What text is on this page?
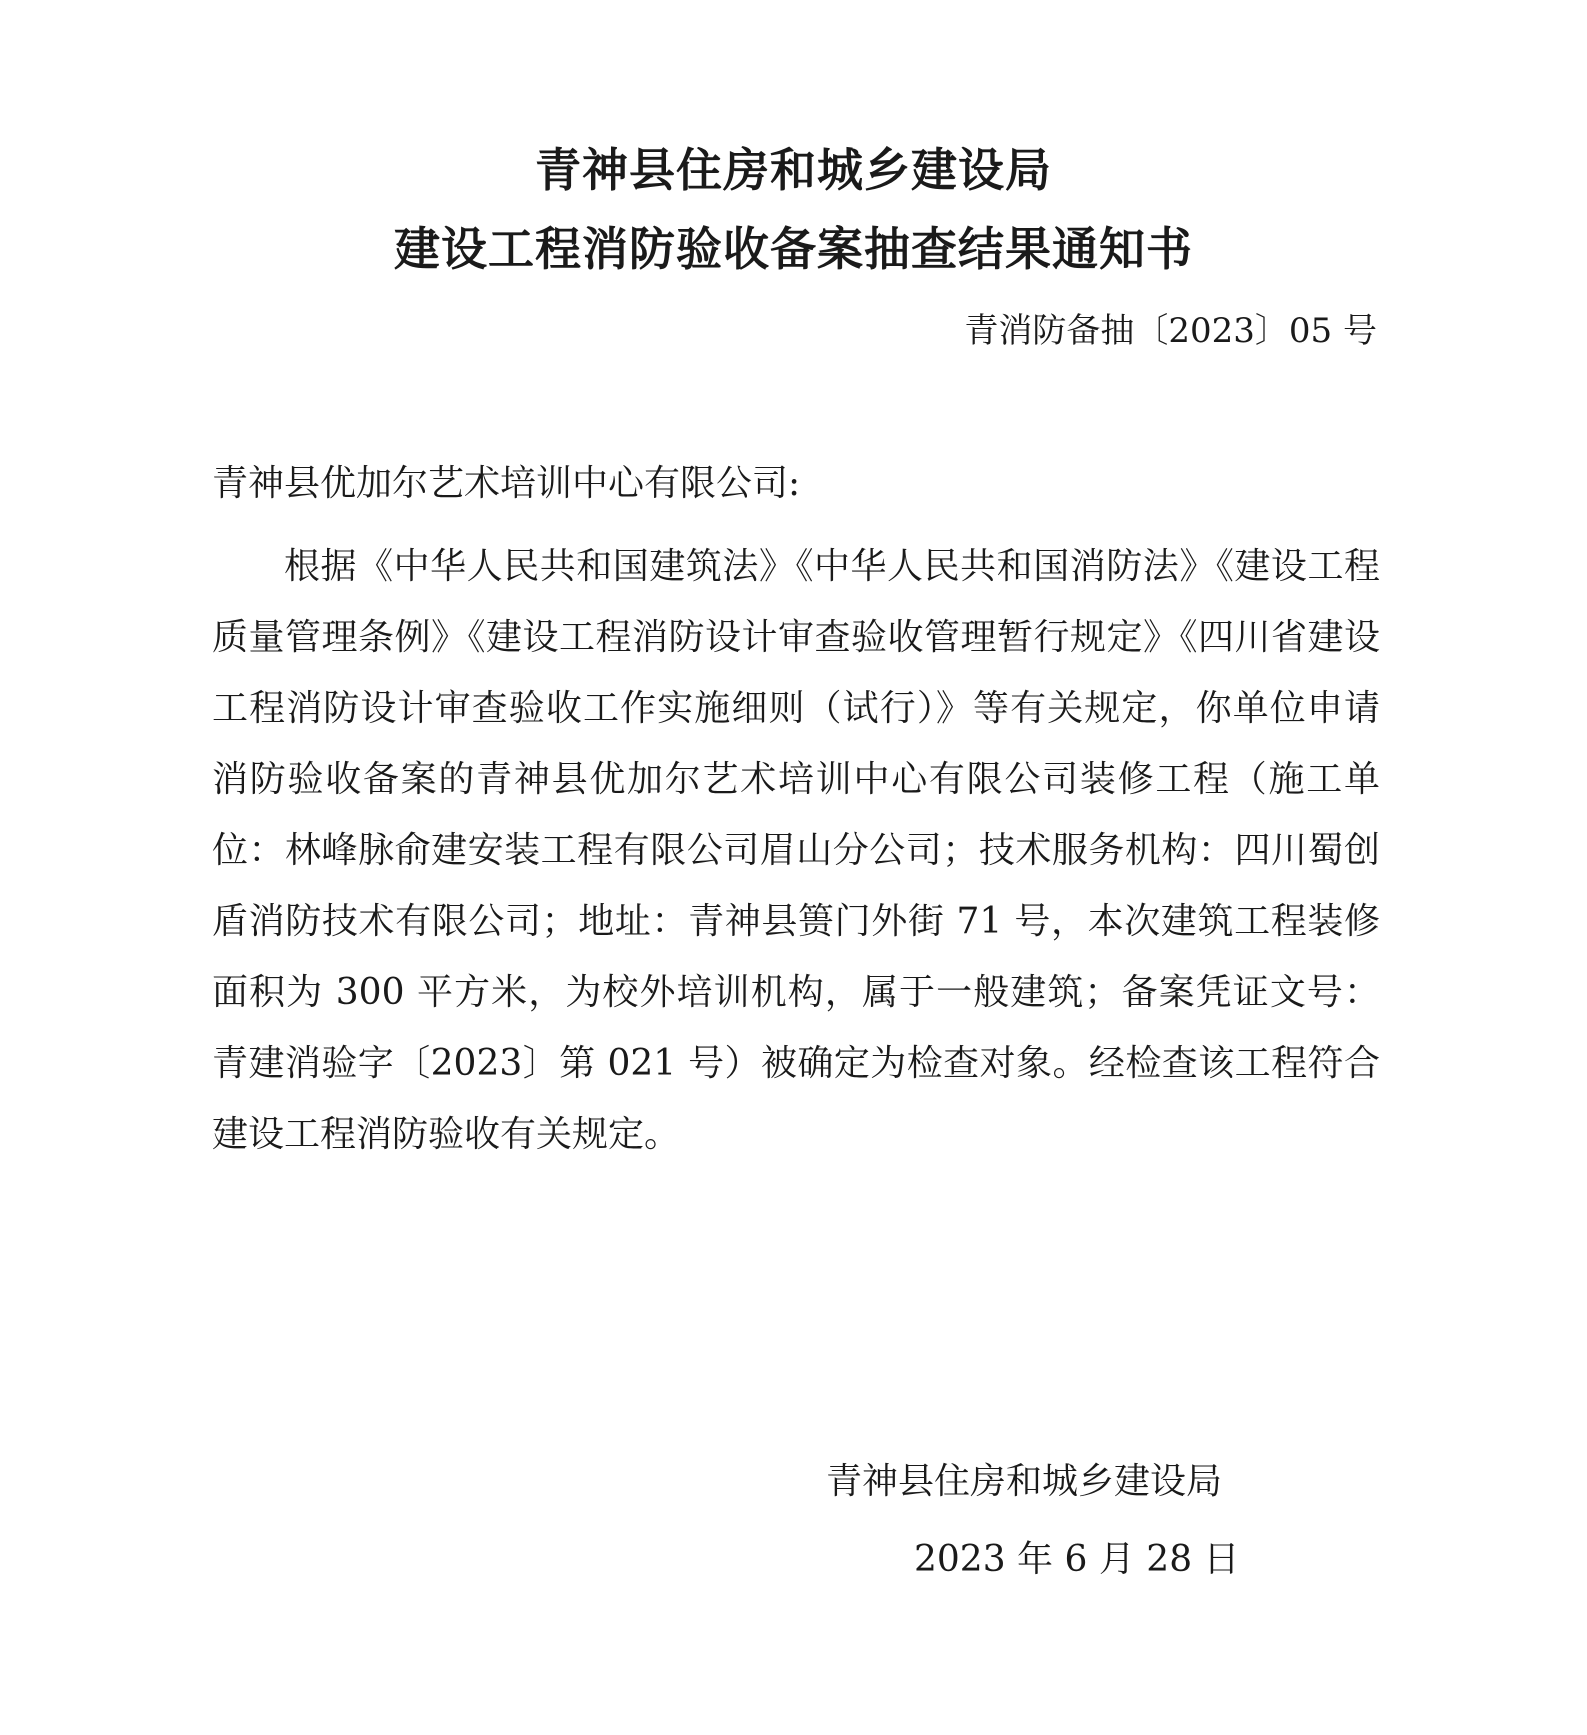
青神县住房和城乡建设局
建设工程消防验收备案抽查结果通知书
青消防备抽〔2023〕05 号
青神县优加尔艺术培训中心有限公司:
根据《中华人民共和国建筑法》《中华人民共和国消防法》《建设工程质量管理条例》《建设工程消防设计审查验收管理暂行规定》《四川省建设工程消防设计审查验收工作实施细则（试行）》等有关规定，你单位申请消防验收备案的青神县优加尔艺术培训中心有限公司装修工程（施工单位：林峰脉俞建安装工程有限公司眉山分公司；技术服务机构：四川蜀创盾消防技术有限公司；地址：青神县篑门外街 71 号，本次建筑工程装修面积为 300 平方米，为校外培训机构，属于一般建筑；备案凭证文号：青建消验字〔2023〕第 021 号）被确定为检查对象。经检查该工程符合建设工程消防验收有关规定。
青神县住房和城乡建设局
2023 年 6 月 28 日
